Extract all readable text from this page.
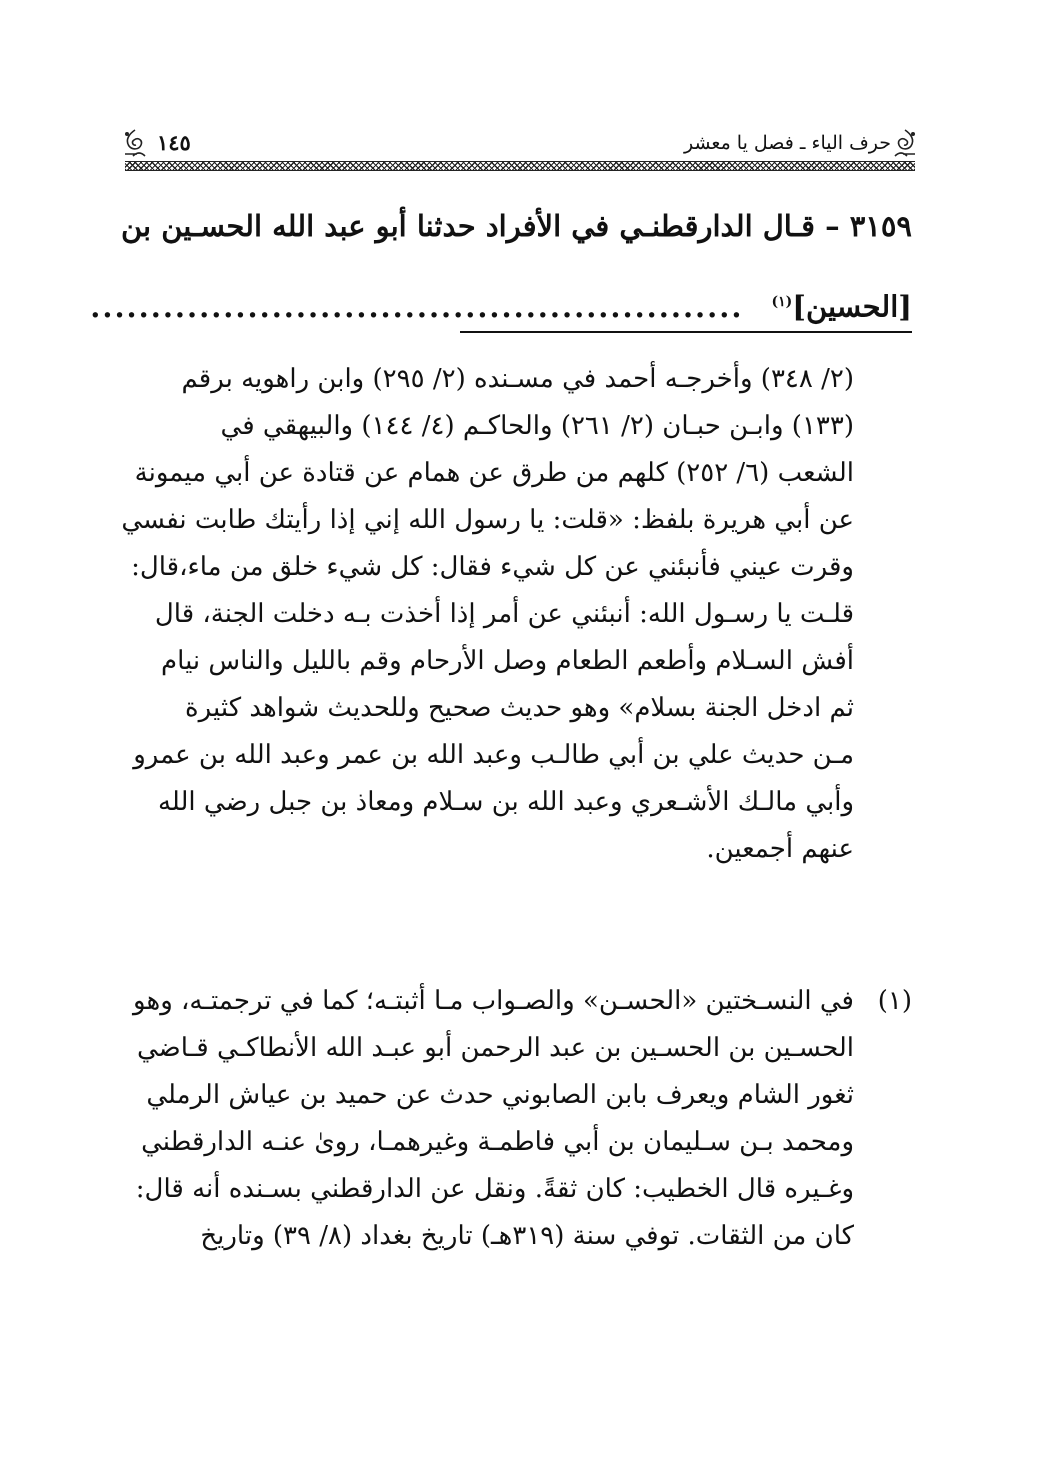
حرف الياء ـ فصل يا معشر
١٤٥
٣١٥٩ – قـال الدارقطنـي في الأفراد حدثنا أبو عبد الله الحسـين بن
[الحسين]$^{(١)}$......................................................
(٢/ ٣٤٨) وأخرجـه أحمد في مسـنده (٢/ ٢٩٥) وابن راهويه برقم
(١٣٣) وابـن حبـان (٢/ ٢٦١) والحاكـم (٤/ ١٤٤) والبيهقي في
الشعب (٦/ ٢٥٢) كلهم من طرق عن همام عن قتادة عن أبي ميمونة
عن أبي هريرة بلفظ: «قلت: يا رسول الله إني إذا رأيتك طابت نفسي
وقرت عيني فأنبئني عن كل شيء فقال: كل شيء خلق من ماء،قال:
قلـت يا رسـول الله: أنبئني عن أمر إذا أخذت بـه دخلت الجنة، قال
أفش السـلام وأطعم الطعام وصل الأرحام وقم بالليل والناس نيام
ثم ادخل الجنة بسلام» وهو حديث صحيح وللحديث شواهد كثيرة
مـن حديث علي بن أبي طالـب وعبد الله بن عمر وعبد الله بن عمرو
وأبي مالـك الأشـعري وعبد الله بن سـلام ومعاذ بن جبل رضي الله
عنهم أجمعين.
(١)
في النسـختين «الحسـن» والصـواب مـا أثبتـه؛ كما في ترجمتـه، وهو
الحسـين بن الحسـين بن عبد الرحمن أبو عبـد الله الأنطاكـي قـاضي
ثغور الشام ويعرف بابن الصابوني حدث عن حميد بن عياش الرملي
ومحمد بـن سـليمان بن أبي فاطمـة وغيرهمـا، روىٰ عنـه الدارقطني
وغـيره قال الخطيب: كان ثقةً. ونقل عن الدارقطني بسـنده أنه قال:
كان من الثقات. توفي سنة (٣١٩هـ) تاريخ بغداد (٨/ ٣٩) وتاريخ
